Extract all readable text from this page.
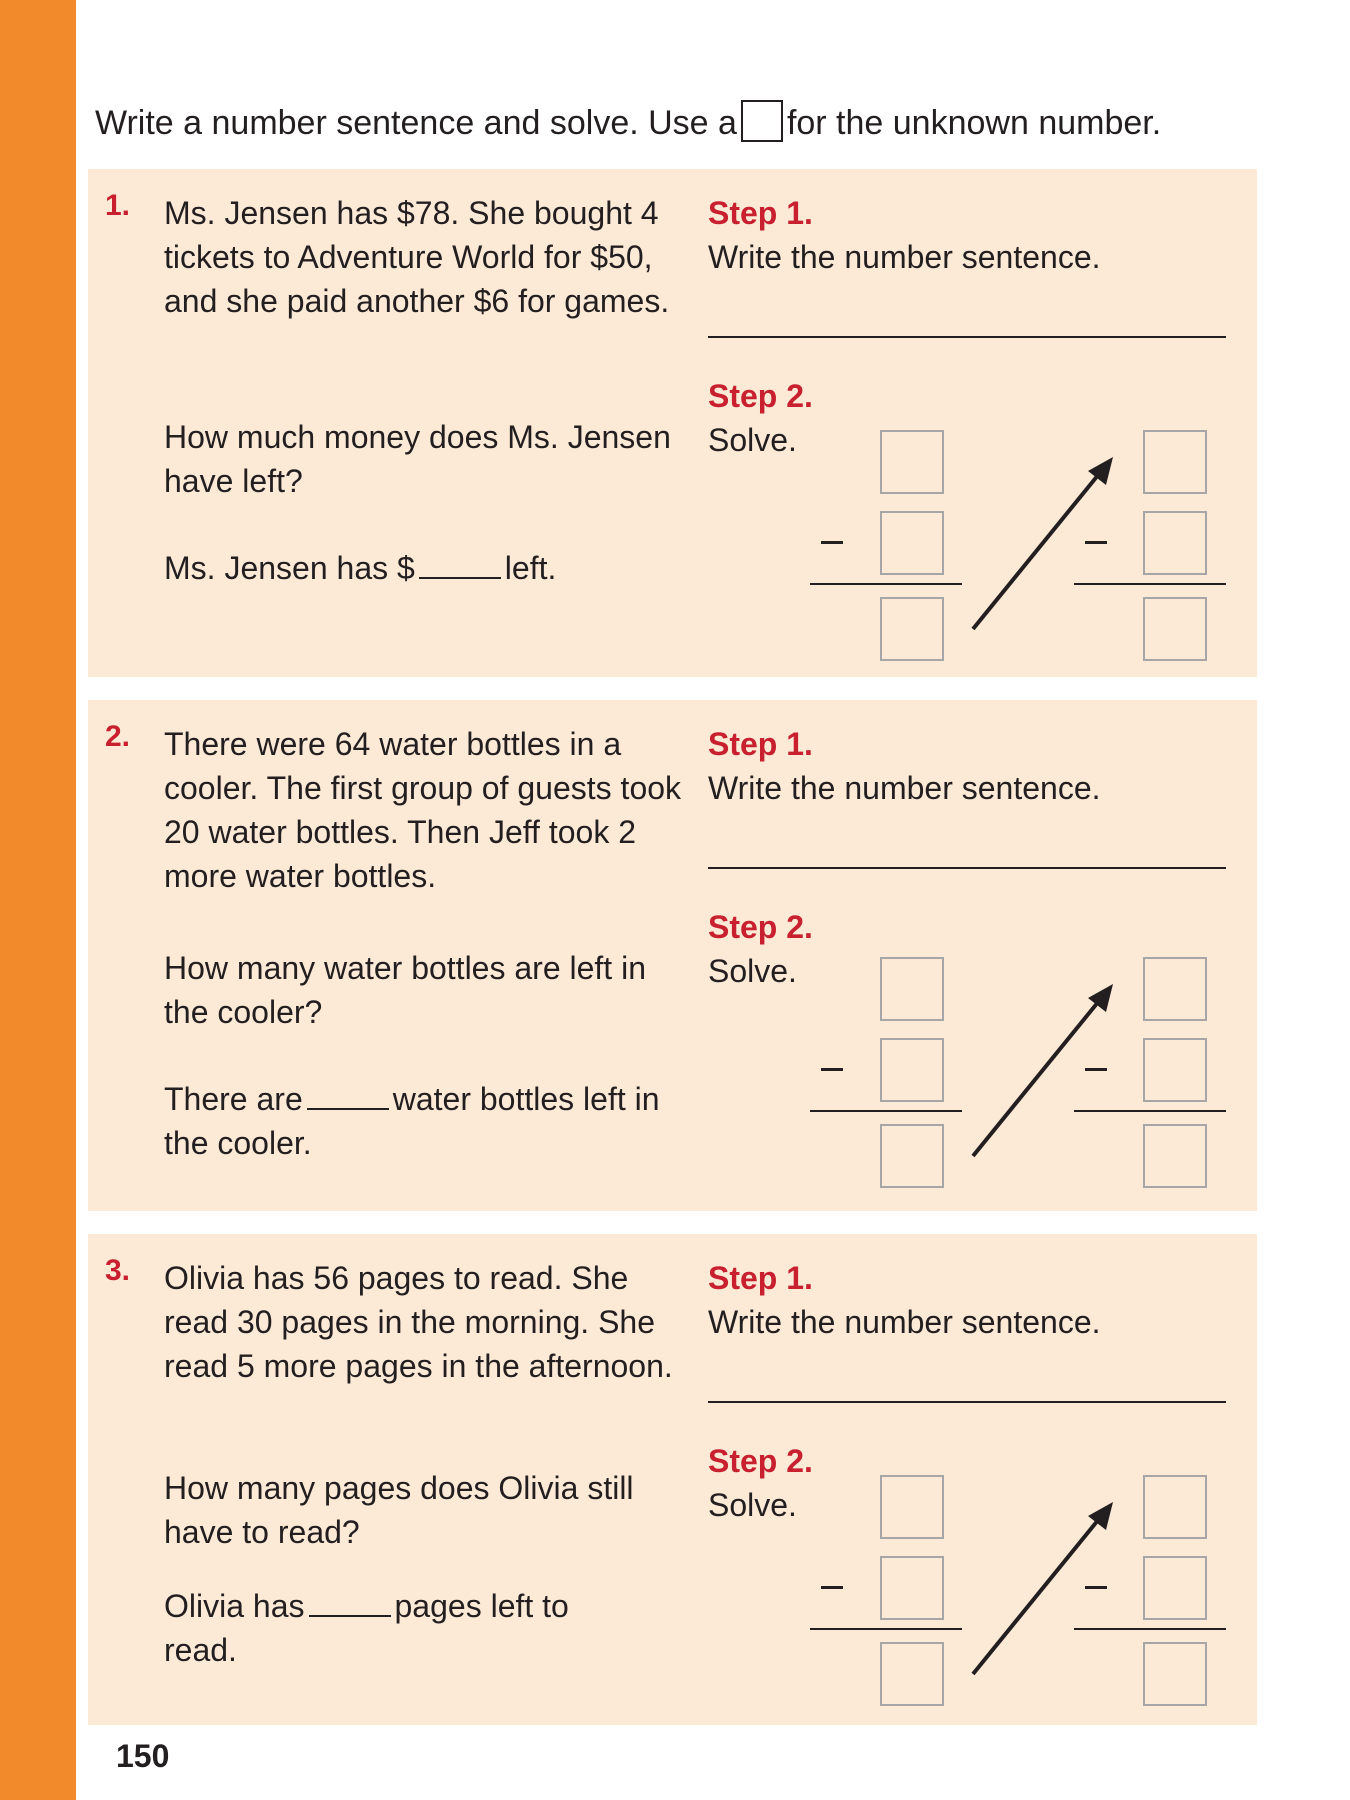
Write a number sentence and solve. Use a for the unknown number.
1. Ms. Jensen has $78. She bought 4 tickets to Adventure World for $50, and she paid another $6 for games.
How much money does Ms. Jensen have left?
Ms. Jensen has $	left.
Step 1.
Write the number sentence.
Step 2.
Solve.
2. There were 64 water bottles in a cooler. The first group of guests took 20 water bottles. Then Jeff took 2 more water bottles.
How many water bottles are left in the cooler?
There are	water bottles left in the cooler.
Step 1.
Write the number sentence.
Step 2.
Solve.
3. Olivia has 56 pages to read. She read 30 pages in the morning. She read 5 more pages in the afternoon.
How many pages does Olivia still have to read?
Olivia has	pages left to read.
Step 1.
Write the number sentence.
Step 2.
Solve.
150
